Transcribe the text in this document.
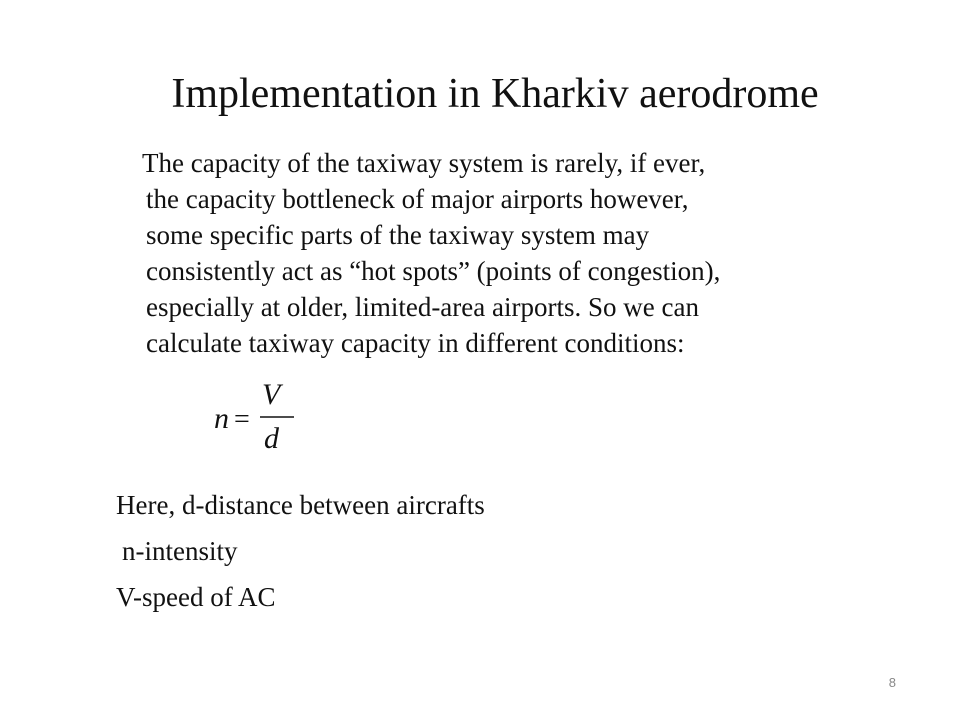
Implementation in Kharkiv aerodrome
The capacity of the taxiway system is rarely, if ever,
the capacity bottleneck of major airports however,
some specific parts of the taxiway system may
consistently act as “hot spots” (points of congestion),
especially at older, limited-area airports. So we can
calculate taxiway capacity in different conditions:
n =
V
d
Here, d-distance between aircrafts
n-intensity
V-speed of AC
8
